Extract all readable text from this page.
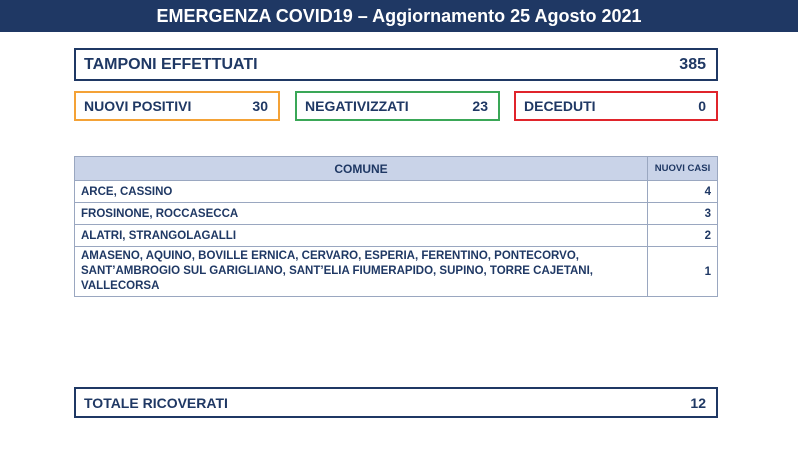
EMERGENZA COVID19 – Aggiornamento 25 Agosto 2021
TAMPONI EFFETTUATI	385
NUOVI POSITIVI	30	NEGATIVIZZATI	23	DECEDUTI	0
COMUNE	NUOVI CASI
ARCE, CASSINO	4
FROSINONE, ROCCASECCA	3
ALATRI, STRANGOLAGALLI	2
AMASENO, AQUINO, BOVILLE ERNICA, CERVARO, ESPERIA, FERENTINO, PONTECORVO, SANT’AMBROGIO SUL GARIGLIANO, SANT’ELIA FIUMERAPIDO, SUPINO, TORRE CAJETANI, VALLECORSA	1
TOTALE RICOVERATI	12
